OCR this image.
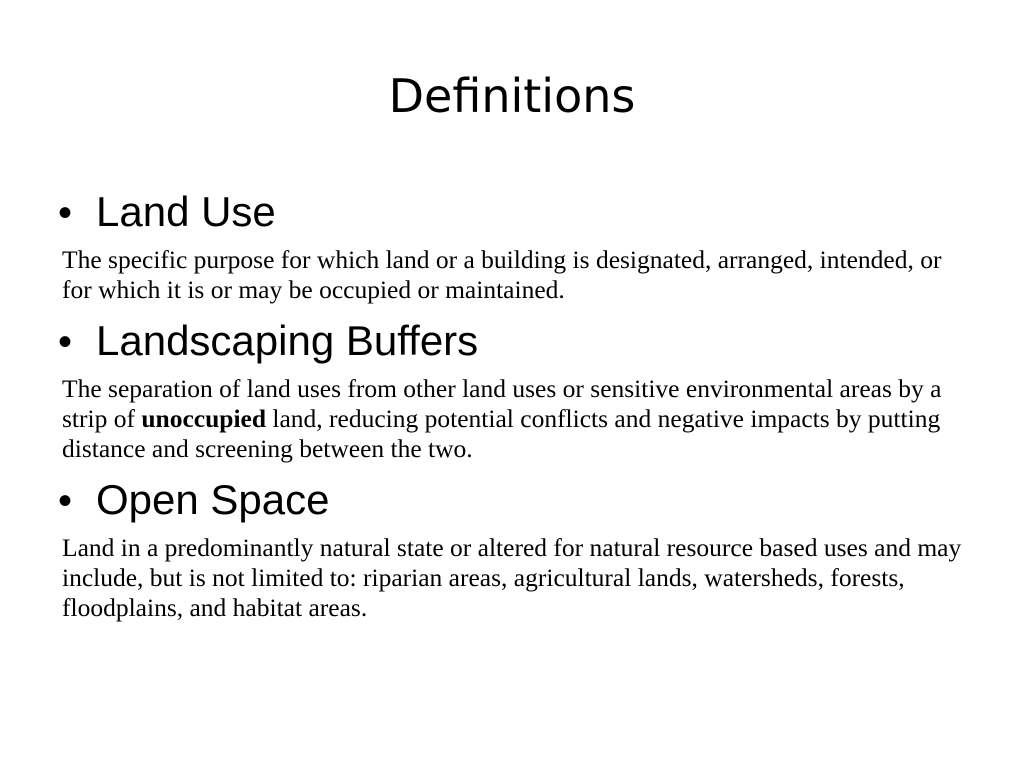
Definitions
• Land Use

The specific purpose for which land or a building is designated, arranged, intended, or for which it is or may be occupied or maintained.

• Landscaping Buffers

The separation of land uses from other land uses or sensitive environmental areas by a strip of unoccupied land, reducing potential conflicts and negative impacts by putting distance and screening between the two.

• Open Space

Land in a predominantly natural state or altered for natural resource based uses and may include, but is not limited to: riparian areas, agricultural lands, watersheds, forests, floodplains, and habitat areas.
